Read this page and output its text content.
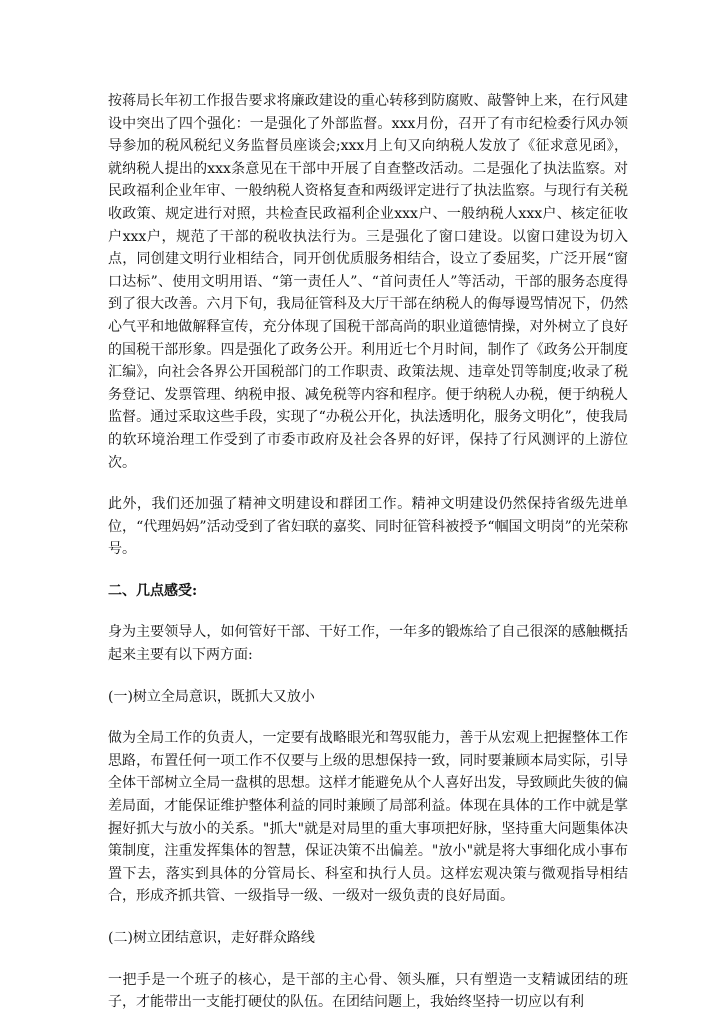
按蒋局长年初工作报告要求将廉政建设的重心转移到防腐败、敲警钟上来，在行风建设中突出了四个强化：一是强化了外部监督。xxx月份，召开了有市纪检委行风办领导参加的税风税纪义务监督员座谈会;xxx月上旬又向纳税人发放了《征求意见函》，就纳税人提出的xxx条意见在干部中开展了自查整改活动。二是强化了执法监察。对民政福利企业年审、一般纳税人资格复查和两级评定进行了执法监察。与现行有关税收政策、规定进行对照，共检查民政福利企业xxx户、一般纳税人xxx户、核定征收户xxx户，规范了干部的税收执法行为。三是强化了窗口建设。以窗口建设为切入点，同创建文明行业相结合，同开创优质服务相结合，设立了委屈奖，广泛开展“窗口达标”、使用文明用语、“第一责任人”、“首问责任人”等活动，干部的服务态度得到了很大改善。六月下旬，我局征管科及大厅干部在纳税人的侮辱谩骂情况下，仍然心气平和地做解释宣传，充分体现了国税干部高尚的职业道德情操，对外树立了良好的国税干部形象。四是强化了政务公开。利用近七个月时间，制作了《政务公开制度汇编》，向社会各界公开国税部门的工作职责、政策法规、违章处罚等制度;收录了税务登记、发票管理、纳税申报、减免税等内容和程序。便于纳税人办税，便于纳税人监督。通过采取这些手段，实现了“办税公开化，执法透明化，服务文明化”，使我局的软环境治理工作受到了市委市政府及社会各界的好评，保持了行风测评的上游位次。

此外，我们还加强了精神文明建设和群团工作。精神文明建设仍然保持省级先进单位，“代理妈妈”活动受到了省妇联的嘉奖、同时征管科被授予“帼国文明岗”的光荣称号。

二、几点感受:

身为主要领导人，如何管好干部、干好工作，一年多的锻炼给了自己很深的感触概括起来主要有以下两方面:

(一)树立全局意识，既抓大又放小

做为全局工作的负责人，一定要有战略眼光和驾驭能力，善于从宏观上把握整体工作思路，布置任何一项工作不仅要与上级的思想保持一致，同时要兼顾本局实际，引导全体干部树立全局一盘棋的思想。这样才能避免从个人喜好出发，导致顾此失彼的偏差局面，才能保证维护整体利益的同时兼顾了局部利益。体现在具体的工作中就是掌握好抓大与放小的关系。"抓大"就是对局里的重大事项把好脉，坚持重大问题集体决策制度，注重发挥集体的智慧，保证决策不出偏差。"放小"就是将大事细化成小事布置下去，落实到具体的分管局长、科室和执行人员。这样宏观决策与微观指导相结合，形成齐抓共管、一级指导一级、一级对一级负责的良好局面。

(二)树立团结意识，走好群众路线

一把手是一个班子的核心，是干部的主心骨、领头雁，只有塑造一支精诚团结的班子，才能带出一支能打硬仗的队伍。在团结问题上，我始终坚持一切应以有利
